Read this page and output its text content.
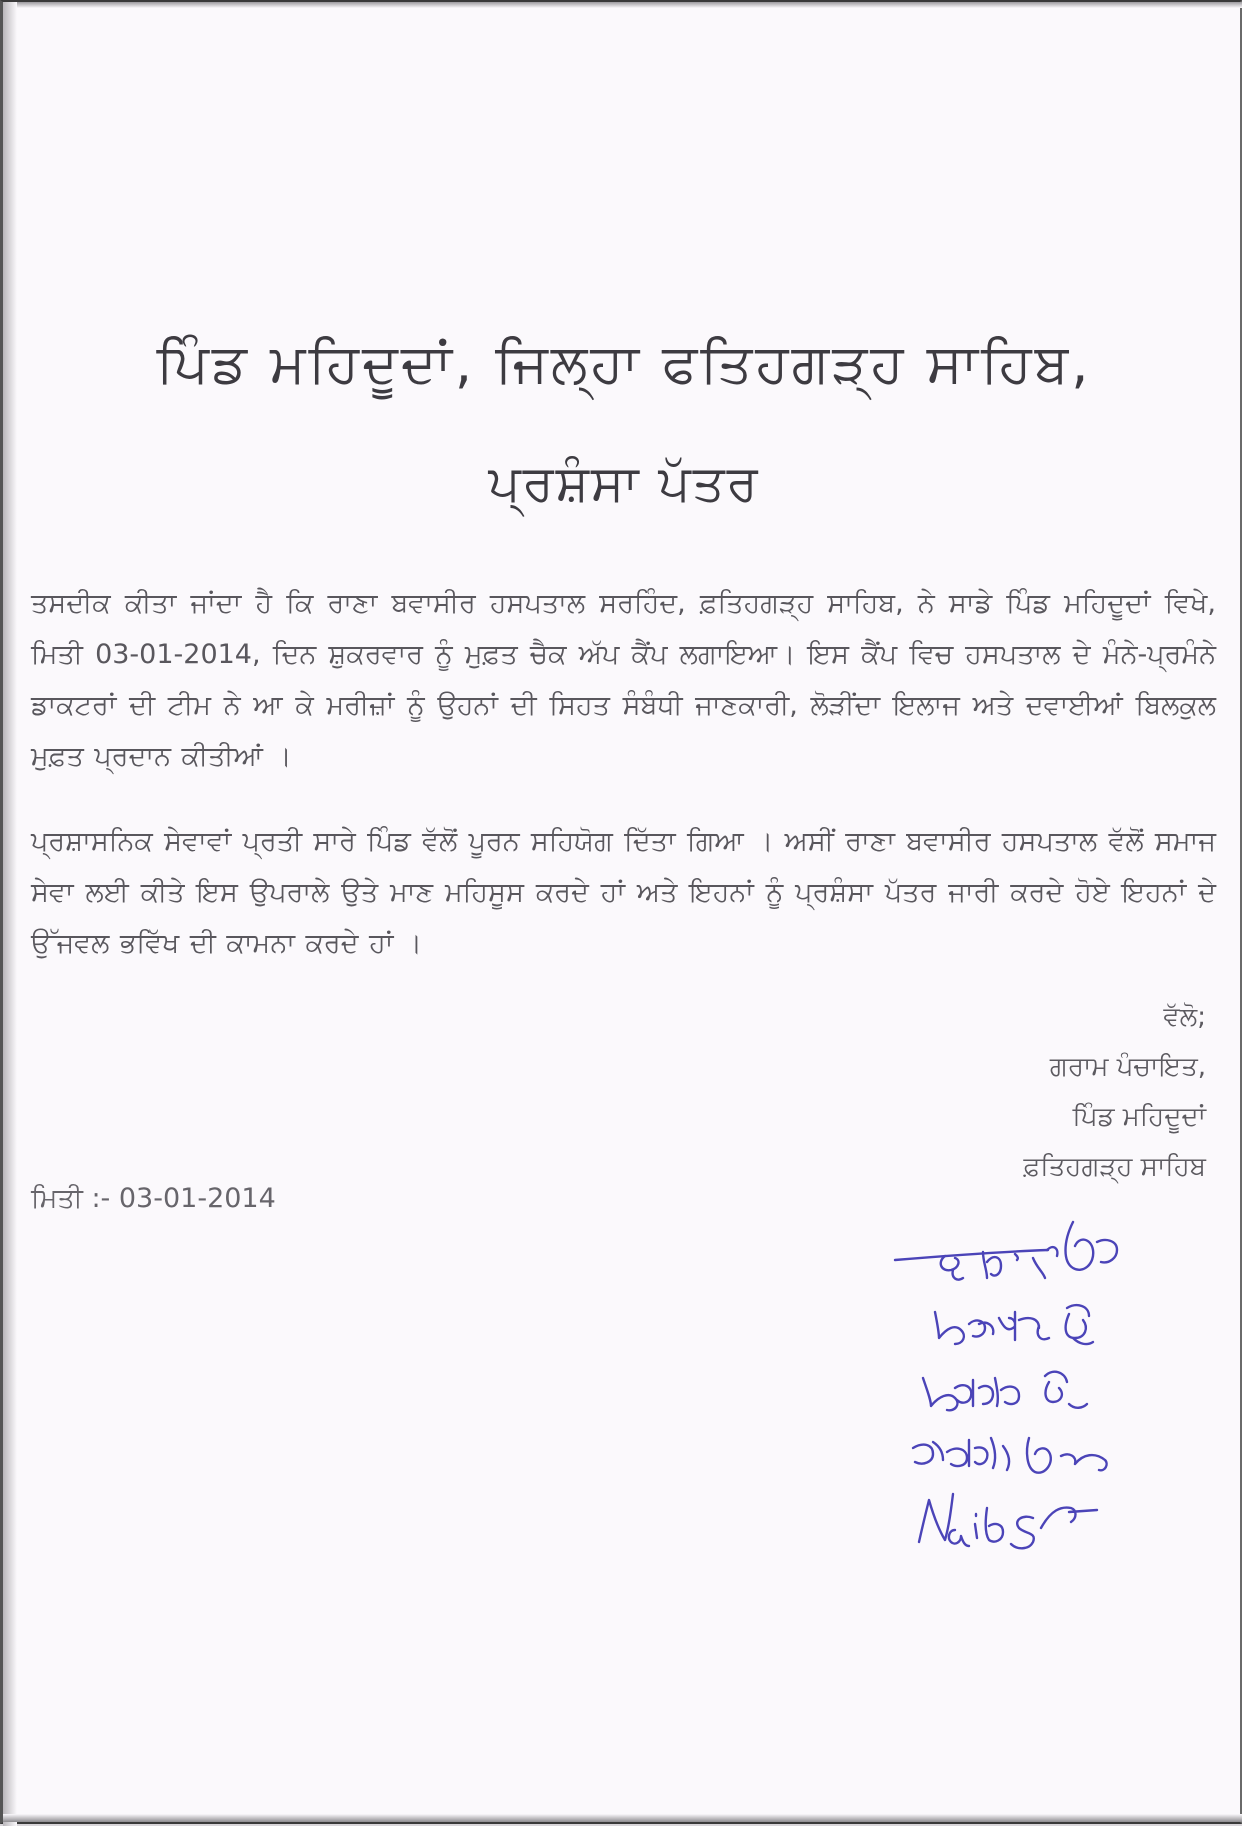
ਪਿੰਡ ਮਹਿਦੂਦਾਂ, ਜਿਲ੍ਹਾ ਫਤਿਹਗੜ੍ਹ ਸਾਹਿਬ,
ਪ੍ਰਸ਼ੰਸਾ ਪੱਤਰ

ਤਸਦੀਕ ਕੀਤਾ ਜਾਂਦਾ ਹੈ ਕਿ ਰਾਣਾ ਬਵਾਸੀਰ ਹਸਪਤਾਲ ਸਰਹਿੰਦ, ਫ਼ਤਿਹਗੜ੍ਹ ਸਾਹਿਬ, ਨੇ ਸਾਡੇ ਪਿੰਡ ਮਹਿਦੂਦਾਂ ਵਿਖੇ, ਮਿਤੀ 03-01-2014, ਦਿਨ ਸ਼ੁਕਰਵਾਰ ਨੂੰ ਮੁਫ਼ਤ ਚੈਕ ਅੱਪ ਕੈਂਪ ਲਗਾਇਆ। ਇਸ ਕੈਂਪ ਵਿਚ ਹਸਪਤਾਲ ਦੇ ਮੰਨੇ-ਪ੍ਰਮੰਨੇ ਡਾਕਟਰਾਂ ਦੀ ਟੀਮ ਨੇ ਆ ਕੇ ਮਰੀਜ਼ਾਂ ਨੂੰ ਉਹਨਾਂ ਦੀ ਸਿਹਤ ਸੰਬੰਧੀ ਜਾਣਕਾਰੀ, ਲੋੜੀਂਦਾ ਇਲਾਜ ਅਤੇ ਦਵਾਈਆਂ ਬਿਲਕੁਲ ਮੁਫ਼ਤ ਪ੍ਰਦਾਨ ਕੀਤੀਆਂ ।

ਪ੍ਰਸ਼ਾਸਨਿਕ ਸੇਵਾਵਾਂ ਪ੍ਰਤੀ ਸਾਰੇ ਪਿੰਡ ਵੱਲੋਂ ਪੂਰਨ ਸਹਿਯੋਗ ਦਿੱਤਾ ਗਿਆ । ਅਸੀਂ ਰਾਣਾ ਬਵਾਸੀਰ ਹਸਪਤਾਲ ਵੱਲੋਂ ਸਮਾਜ ਸੇਵਾ ਲਈ ਕੀਤੇ ਇਸ ਉਪਰਾਲੇ ਉਤੇ ਮਾਣ ਮਹਿਸੂਸ ਕਰਦੇ ਹਾਂ ਅਤੇ ਇਹਨਾਂ ਨੂੰ ਪ੍ਰਸ਼ੰਸਾ ਪੱਤਰ ਜਾਰੀ ਕਰਦੇ ਹੋਏ ਇਹਨਾਂ ਦੇ ਉੱਜਵਲ ਭਵਿੱਖ ਦੀ ਕਾਮਨਾ ਕਰਦੇ ਹਾਂ ।

ਵੱਲੋ;
ਗਰਾਮ ਪੰਚਾਇਤ,
ਪਿੰਡ ਮਹਿਦੂਦਾਂ
ਫ਼ਤਿਹਗੜ੍ਹ ਸਾਹਿਬ
ਮਿਤੀ :- 03-01-2014
